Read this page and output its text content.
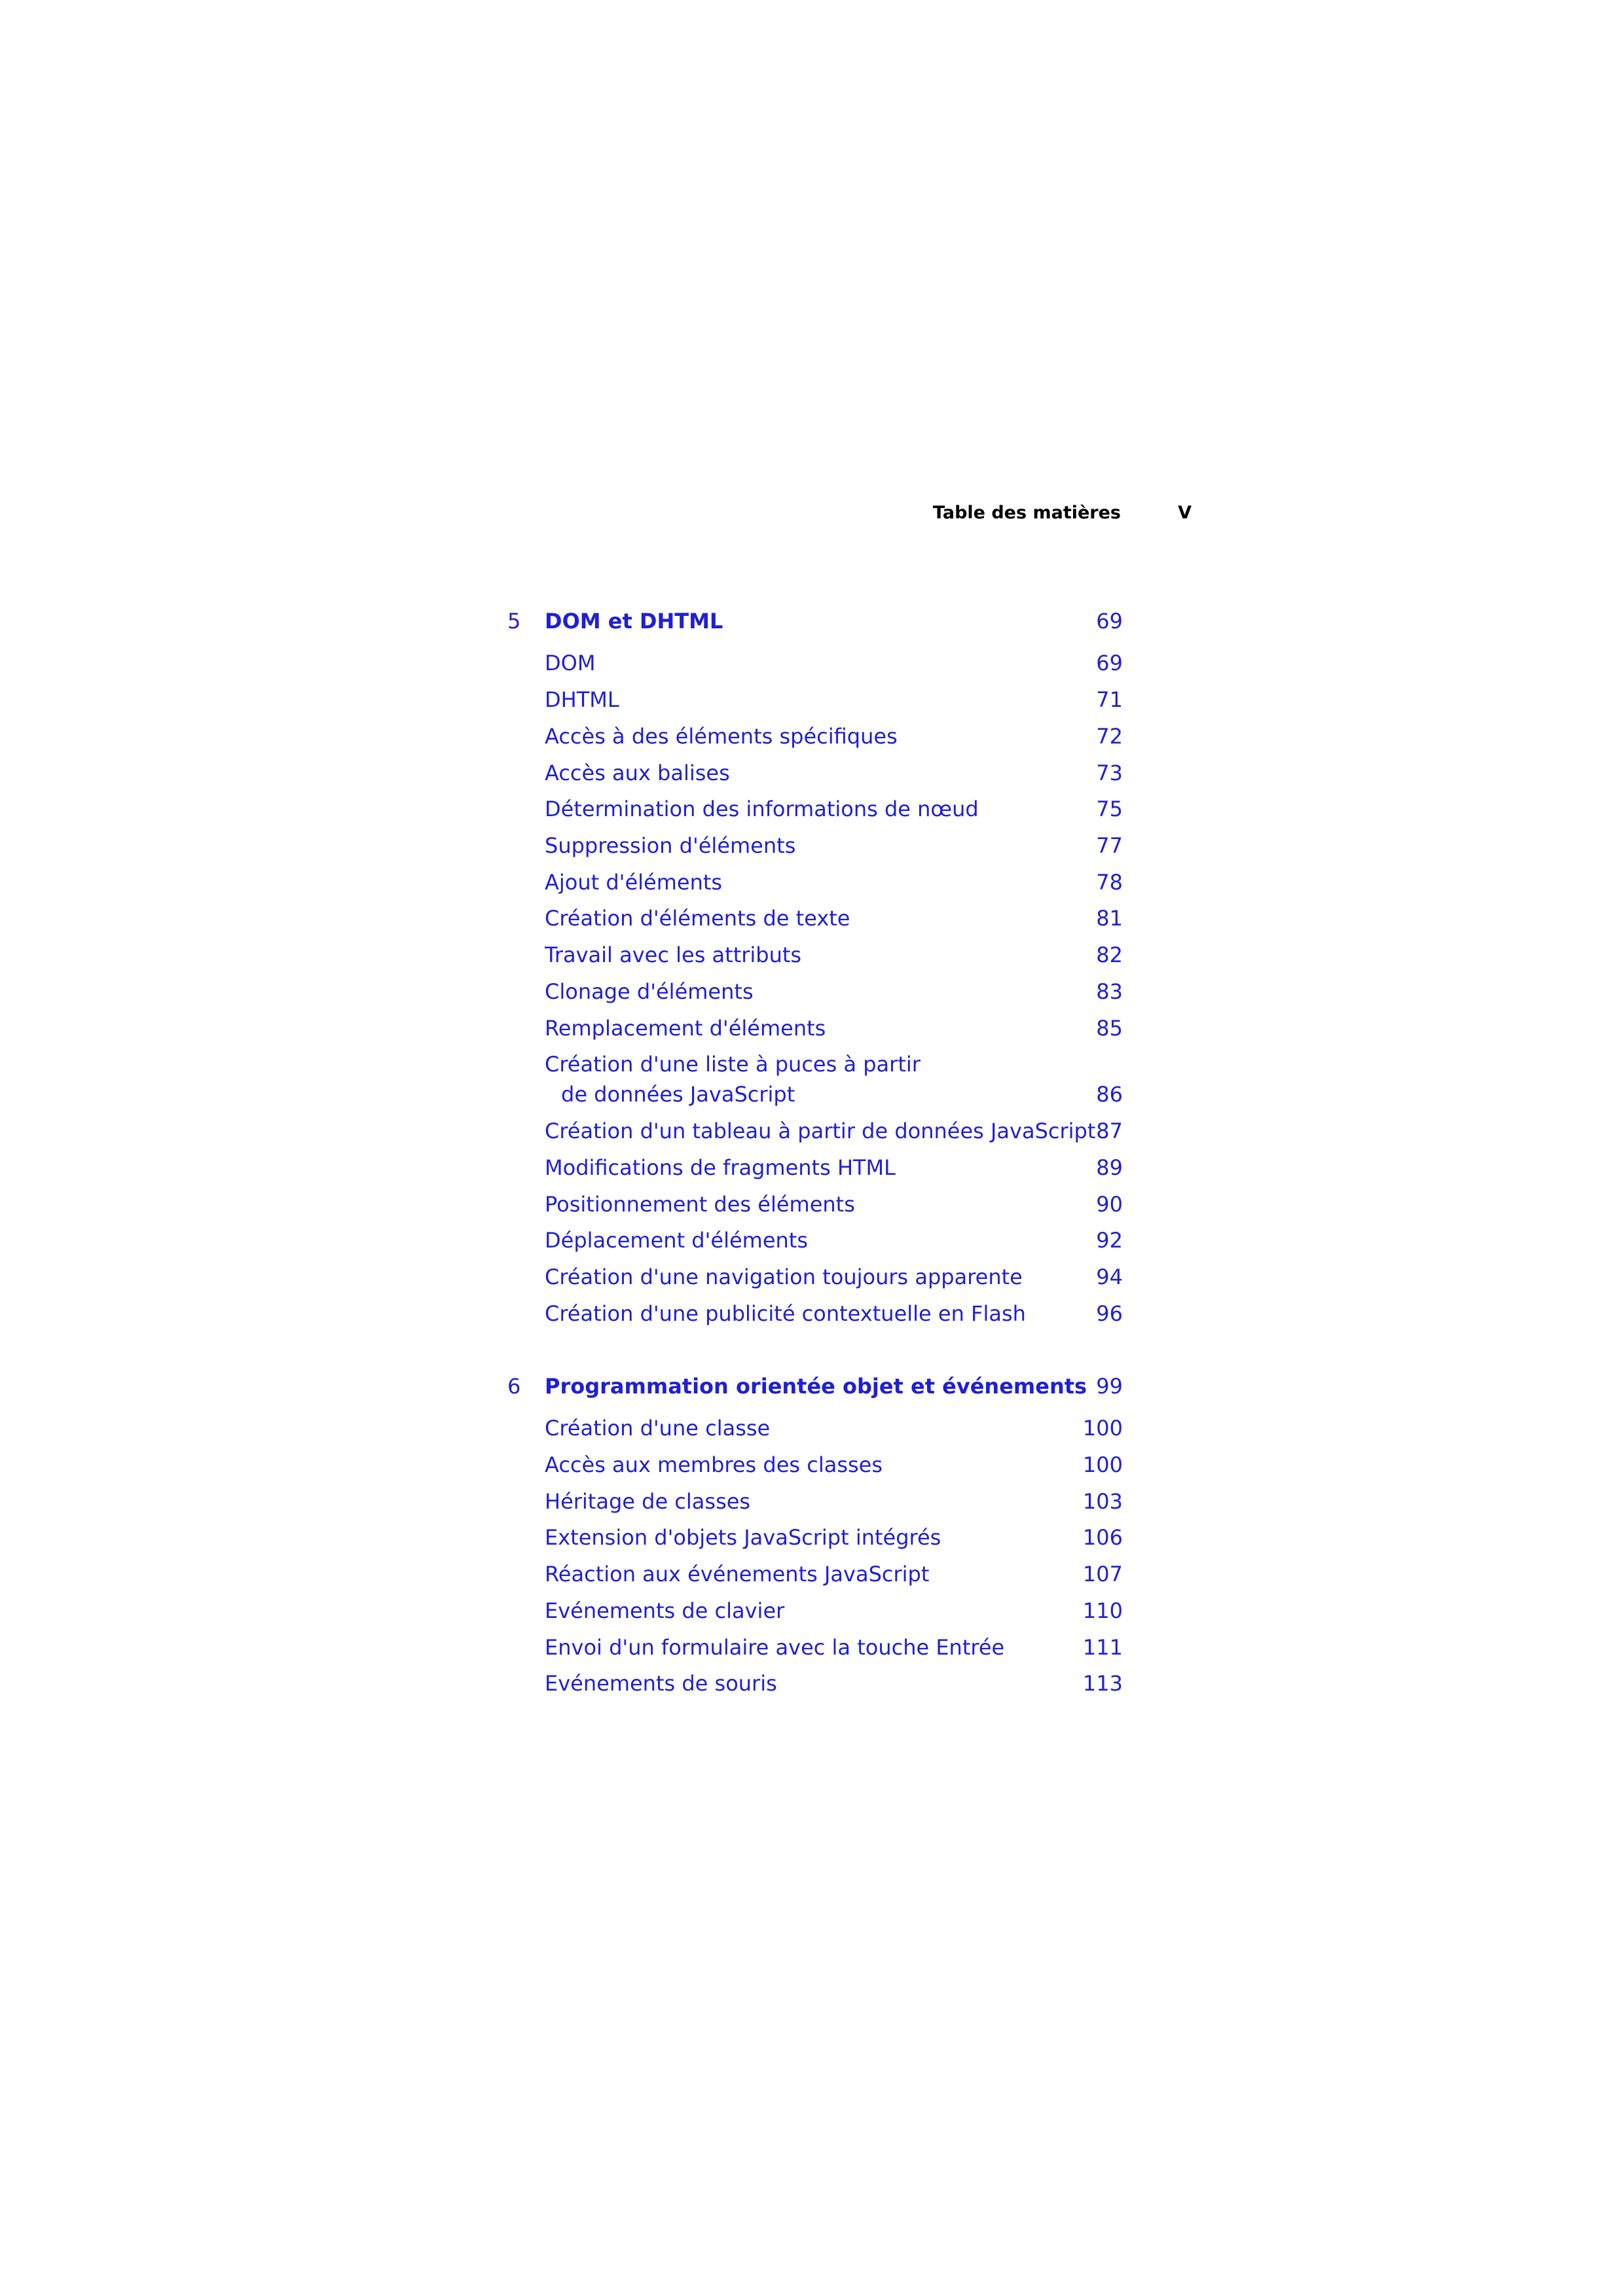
Table des matières	V
5 DOM et DHTML	69
DOM	69
DHTML	71
Accès à des éléments spécifiques	72
Accès aux balises	73
Détermination des informations de nœud	75
Suppression d'éléments	77
Ajout d'éléments	78
Création d'éléments de texte	81
Travail avec les attributs	82
Clonage d'éléments	83
Remplacement d'éléments	85
Création d'une liste à puces à partir
de données JavaScript	86
Création d'un tableau à partir de données JavaScript 87
Modifications de fragments HTML	89
Positionnement des éléments	90
Déplacement d'éléments	92
Création d'une navigation toujours apparente	94
Création d'une publicité contextuelle en Flash	96
6 Programmation orientée objet et événements 99
Création d'une classe	100
Accès aux membres des classes	100
Héritage de classes	103
Extension d'objets JavaScript intégrés	106
Réaction aux événements JavaScript	107
Evénements de clavier	110
Envoi d'un formulaire avec la touche Entrée	111
Evénements de souris	113
